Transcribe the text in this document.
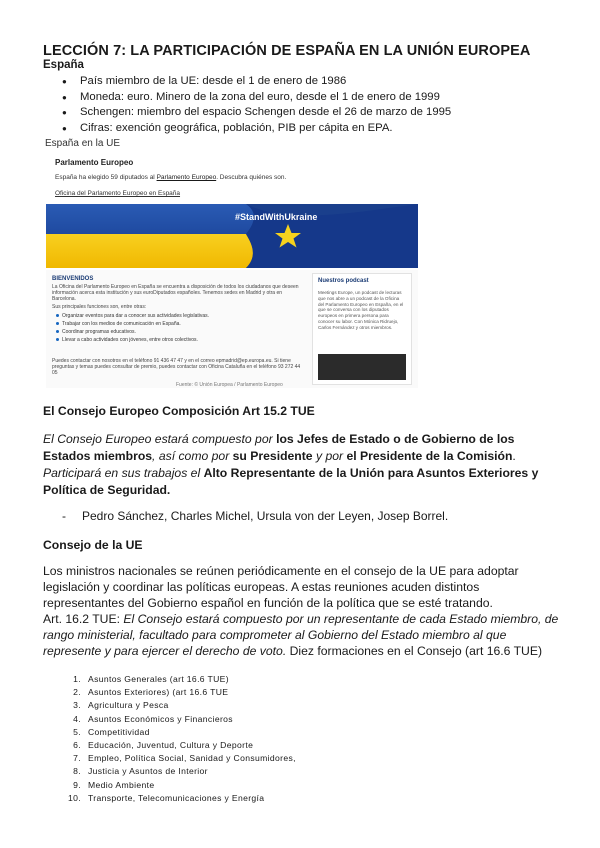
LECCIÓN 7: LA PARTICIPACIÓN DE ESPAÑA EN LA UNIÓN EUROPEA
España
● País miembro de la UE: desde el 1 de enero de 1986
● Moneda: euro. Minero de la zona del euro, desde el 1 de enero de 1999
● Schengen: miembro del espacio Schengen desde el 26 de marzo de 1995
● Cifras: exención geográfica, población, PIB per cápita en EPA.
España en la UE
Parlamento Europeo
España ha elegido 59 diputados al Parlamento Europeo. Descubra quiénes son.
Oficina del Parlamento Europeo en España
#StandWithUkraine
BIENVENIDOS
La Oficina del Parlamento Europeo en España se encuentra a disposición de todos los ciudadanos que deseen información acerca esta institución y sus euroDiputados españoles. Tenemos sedes en Madrid y otra en Barcelona.
Sus principales funciones son, entre otras:
Organizar eventos para dar a conocer sus actividades legislativas.
Trabajar con los medios de comunicación en España.
Coordinar programas educativos.
Llevar a cabo actividades con jóvenes, entre otros colectivos.
Puedes contactar con nosotros en el teléfono 91 436 47 47 y en el correo epmadrid@ep.europa.eu. Si tiene preguntas y temas puedes consultar de premio, puedes contactar con Oficina Cataluña en el teléfono 93 272 44 05
Nuestros podcast
Meetings Europe, un podcast de lecturas que nos abre a un podcast de la Oficina del Parlamento Europeo en España, en el que se conversa con los diputados europeos en primera persona para conocer su labor. Con Mónica Ridruejo, Carlos Fernández y otros miembros.
Fuente: © Unión Europea / Parlamento Europeo
El Consejo Europeo Composición Art 15.2 TUE
El Consejo Europeo estará compuesto por los Jefes de Estado o de Gobierno de los Estados miembros, así como por su Presidente y por el Presidente de la Comisión. Participará en sus trabajos el Alto Representante de la Unión para Asuntos Exteriores y Política de Seguridad.
- Pedro Sánchez, Charles Michel, Ursula von der Leyen, Josep Borrel.
Consejo de la UE
Los ministros nacionales se reúnen periódicamente en el consejo de la UE para adoptar legislación y coordinar las políticas europeas. A estas reuniones acuden distintos representantes del Gobierno español en función de la política que se esté tratando.
Art. 16.2 TUE: El Consejo estará compuesto por un representante de cada Estado miembro, de rango ministerial, facultado para comprometer al Gobierno del Estado miembro al que represente y para ejercer el derecho de voto. Diez formaciones en el Consejo (art 16.6 TUE)
1. Asuntos Generales (art 16.6 TUE)
2. Asuntos Exteriores) (art 16.6 TUE
3. Agricultura y Pesca
4. Asuntos Económicos y Financieros
5. Competitividad
6. Educación, Juventud, Cultura y Deporte
7. Empleo, Política Social, Sanidad y Consumidores,
8. Justicia y Asuntos de Interior
9. Medio Ambiente
10. Transporte, Telecomunicaciones y Energía
